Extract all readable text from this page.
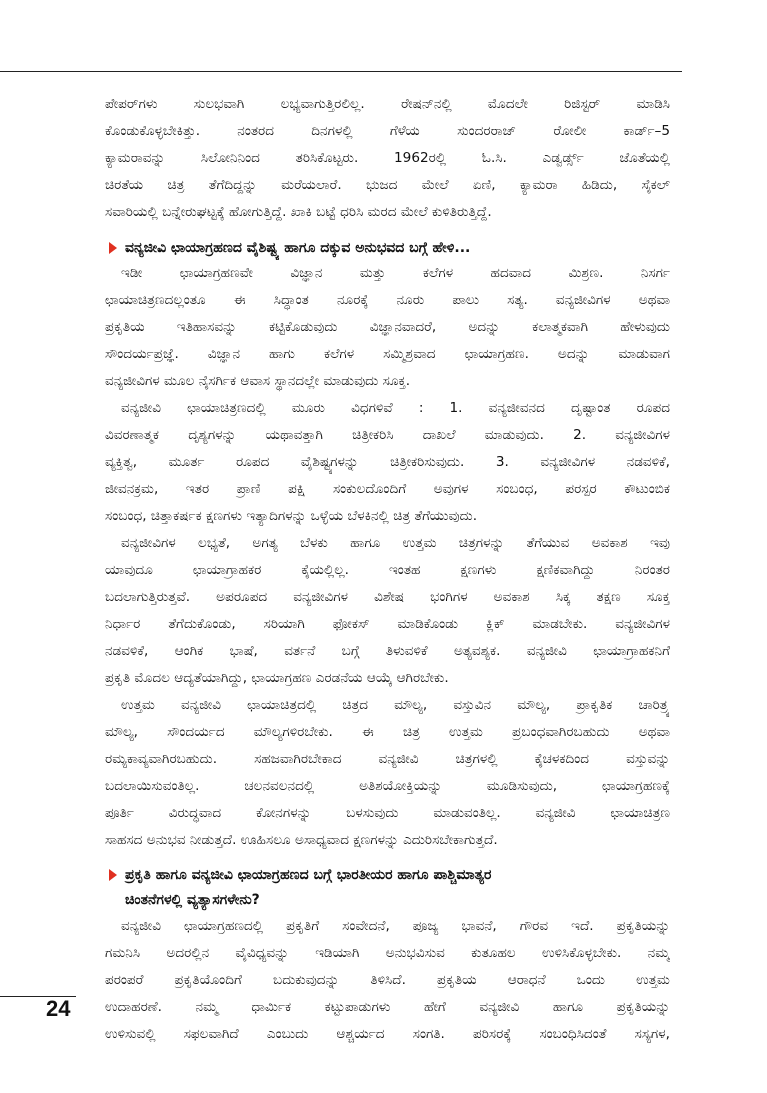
ಪೇಪರ್‌ಗಳು ಸುಲಭವಾಗಿ ಲಭ್ಯವಾಗುತ್ತಿರಲಿಲ್ಲ. ರೇಷನ್‌ನಲ್ಲಿ ಮೊದಲೇ ರಿಜಿಸ್ಟರ್ ಮಾಡಿಸಿ
ಕೊಂಡುಕೊಳ್ಳಬೇಕಿತ್ತು. ನಂತರದ ದಿನಗಳಲ್ಲಿ ಗೆಳೆಯ ಸುಂದರರಾಜ್ ರೋಲೀ ಕಾರ್ಡ್–5
ಕ್ಯಾಮರಾವನ್ನು ಸಿಲೋನಿನಿಂದ ತರಿಸಿಕೊಟ್ಟರು. 1962ರಲ್ಲಿ ಓ.ಸಿ. ಎಡ್ವರ್ಡ್ಸ್ ಜೊತೆಯಲ್ಲಿ
ಚಿರತೆಯ ಚಿತ್ರ ತೆಗೆದಿದ್ದನ್ನು ಮರೆಯಲಾರೆ. ಭುಜದ ಮೇಲೆ ಏಣಿ, ಕ್ಯಾಮರಾ ಹಿಡಿದು, ಸೈಕಲ್
ಸವಾರಿಯಲ್ಲಿ ಬನ್ನೇರುಘಟ್ಟಕ್ಕೆ ಹೋಗುತ್ತಿದ್ದೆ. ಖಾಕಿ ಬಟ್ಟೆ ಧರಿಸಿ ಮರದ ಮೇಲೆ ಕುಳಿತಿರುತ್ತಿದ್ದೆ.
ವನ್ಯಜೀವಿ ಛಾಯಾಗ್ರಹಣದ ವೈಶಿಷ್ಟ್ಯ ಹಾಗೂ ದಕ್ಕುವ ಅನುಭವದ ಬಗ್ಗೆ ಹೇಳಿ...
ಇಡೀ ಛಾಯಾಗ್ರಹಣವೇ ವಿಜ್ಞಾನ ಮತ್ತು ಕಲೆಗಳ ಹದವಾದ ಮಿಶ್ರಣ. ನಿಸರ್ಗ
ಛಾಯಾಚಿತ್ರಣದಲ್ಲಂತೂ ಈ ಸಿದ್ಧಾಂತ ನೂರಕ್ಕೆ ನೂರು ಪಾಲು ಸತ್ಯ. ವನ್ಯಜೀವಿಗಳ ಅಥವಾ
ಪ್ರಕೃತಿಯ ಇತಿಹಾಸವನ್ನು ಕಟ್ಟಿಕೊಡುವುದು ವಿಜ್ಞಾನವಾದರೆ, ಅದನ್ನು ಕಲಾತ್ಮಕವಾಗಿ ಹೇಳುವುದು
ಸೌಂದರ್ಯಪ್ರಜ್ಞೆ. ವಿಜ್ಞಾನ ಹಾಗು ಕಲೆಗಳ ಸಮ್ಮಿಶ್ರವಾದ ಛಾಯಾಗ್ರಹಣ. ಅದನ್ನು ಮಾಡುವಾಗ
ವನ್ಯಜೀವಿಗಳ ಮೂಲ ನೈಸರ್ಗಿಕ ಆವಾಸ ಸ್ಥಾನದಲ್ಲೇ ಮಾಡುವುದು ಸೂಕ್ತ.
ವನ್ಯಜೀವಿ ಛಾಯಾಚಿತ್ರಣದಲ್ಲಿ ಮೂರು ವಿಧಗಳಿವೆ : 1. ವನ್ಯಜೀವನದ ದೃಷ್ಟಾಂತ ರೂಪದ
ವಿವರಣಾತ್ಮಕ ದೃಶ್ಯಗಳನ್ನು ಯಥಾವತ್ತಾಗಿ ಚಿತ್ರೀಕರಿಸಿ ದಾಖಲೆ ಮಾಡುವುದು. 2. ವನ್ಯಜೀವಿಗಳ
ವ್ಯಕ್ತಿತ್ವ, ಮೂರ್ತ ರೂಪದ ವೈಶಿಷ್ಟ್ಯಗಳನ್ನು ಚಿತ್ರೀಕರಿಸುವುದು. 3. ವನ್ಯಜೀವಿಗಳ ನಡವಳಿಕೆ,
ಜೀವನಕ್ರಮ, ಇತರ ಪ್ರಾಣಿ ಪಕ್ಷಿ ಸಂಕುಲದೊಂದಿಗೆ ಅವುಗಳ ಸಂಬಂಧ, ಪರಸ್ಪರ ಕೌಟುಂಬಿಕ
ಸಂಬಂಧ, ಚಿತ್ತಾಕರ್ಷಕ ಕ್ಷಣಗಳು ಇತ್ಯಾದಿಗಳನ್ನು ಒಳ್ಳೆಯ ಬೆಳಕಿನಲ್ಲಿ ಚಿತ್ರ ತೆಗೆಯುವುದು.
ವನ್ಯಜೀವಿಗಳ ಲಭ್ಯತೆ, ಅಗತ್ಯ ಬೆಳಕು ಹಾಗೂ ಉತ್ತಮ ಚಿತ್ರಗಳನ್ನು ತೆಗೆಯುವ ಅವಕಾಶ ಇವು
ಯಾವುದೂ ಛಾಯಾಗ್ರಾಹಕರ ಕೈಯಲ್ಲಿಲ್ಲ. ಇಂತಹ ಕ್ಷಣಗಳು ಕ್ಷಣಿಕವಾಗಿದ್ದು ನಿರಂತರ
ಬದಲಾಗುತ್ತಿರುತ್ತವೆ. ಅಪರೂಪದ ವನ್ಯಜೀವಿಗಳ ವಿಶೇಷ ಭಂಗಿಗಳ ಅವಕಾಶ ಸಿಕ್ಕ ತಕ್ಷಣ ಸೂಕ್ತ
ನಿರ್ಧಾರ ತೆಗೆದುಕೊಂಡು, ಸರಿಯಾಗಿ ಫೋಕಸ್ ಮಾಡಿಕೊಂಡು ಕ್ಲಿಕ್ ಮಾಡಬೇಕು. ವನ್ಯಜೀವಿಗಳ
ನಡವಳಿಕೆ, ಆಂಗಿಕ ಭಾಷೆ, ವರ್ತನೆ ಬಗ್ಗೆ ತಿಳುವಳಿಕೆ ಅತ್ಯವಶ್ಯಕ. ವನ್ಯಜೀವಿ ಛಾಯಾಗ್ರಾಹಕನಿಗೆ
ಪ್ರಕೃತಿ ಮೊದಲ ಆದ್ಯತೆಯಾಗಿದ್ದು, ಛಾಯಾಗ್ರಹಣ ಎರಡನೆಯ ಆಯ್ಕೆ ಆಗಿರಬೇಕು.
ಉತ್ತಮ ವನ್ಯಜೀವಿ ಛಾಯಾಚಿತ್ರದಲ್ಲಿ ಚಿತ್ರದ ಮೌಲ್ಯ, ವಸ್ತುವಿನ ಮೌಲ್ಯ, ಪ್ರಾಕೃತಿಕ ಚಾರಿತ್ರ್ಯ
ಮೌಲ್ಯ, ಸೌಂದರ್ಯದ ಮೌಲ್ಯಗಳಿರಬೇಕು. ಈ ಚಿತ್ರ ಉತ್ತಮ ಪ್ರಬಂಧವಾಗಿರಬಹುದು ಅಥವಾ
ರಮ್ಯಕಾವ್ಯವಾಗಿರಬಹುದು. ಸಹಜವಾಗಿರಬೇಕಾದ ವನ್ಯಜೀವಿ ಚಿತ್ರಗಳಲ್ಲಿ ಕೈಚಳಕದಿಂದ ವಸ್ತುವನ್ನು
ಬದಲಾಯಿಸುವಂತಿಲ್ಲ. ಚಲನವಲನದಲ್ಲಿ ಅತಿಶಯೋಕ್ತಿಯನ್ನು ಮೂಡಿಸುವುದು, ಛಾಯಾಗ್ರಹಣಕ್ಕೆ
ಪೂರ್ತಿ ವಿರುದ್ಧವಾದ ಕೋನಗಳನ್ನು ಬಳಸುವುದು ಮಾಡುವಂತಿಲ್ಲ. ವನ್ಯಜೀವಿ ಛಾಯಾಚಿತ್ರಣ
ಸಾಹಸದ ಅನುಭವ ನೀಡುತ್ತದೆ. ಊಹಿಸಲೂ ಅಸಾಧ್ಯವಾದ ಕ್ಷಣಗಳನ್ನು ಎದುರಿಸಬೇಕಾಗುತ್ತದೆ.
ಪ್ರಕೃತಿ ಹಾಗೂ ವನ್ಯಜೀವಿ ಛಾಯಾಗ್ರಹಣದ ಬಗ್ಗೆ ಭಾರತೀಯರ ಹಾಗೂ ಪಾಶ್ಚಿಮಾತ್ಯರ
ಚಿಂತನೆಗಳಲ್ಲಿ ವ್ಯತ್ಯಾಸಗಳೇನು?
ವನ್ಯಜೀವಿ ಛಾಯಾಗ್ರಹಣದಲ್ಲಿ ಪ್ರಕೃತಿಗೆ ಸಂವೇದನೆ, ಪೂಜ್ಯ ಭಾವನೆ, ಗೌರವ ಇದೆ. ಪ್ರಕೃತಿಯನ್ನು
ಗಮನಿಸಿ ಅದರಲ್ಲಿನ ವೈವಿಧ್ಯವನ್ನು ಇಡಿಯಾಗಿ ಅನುಭವಿಸುವ ಕುತೂಹಲ ಉಳಿಸಿಕೊಳ್ಳಬೇಕು. ನಮ್ಮ
ಪರಂಪರೆ ಪ್ರಕೃತಿಯೊಂದಿಗೆ ಬದುಕುವುದನ್ನು ತಿಳಿಸಿದೆ. ಪ್ರಕೃತಿಯ ಆರಾಧನೆ ಒಂದು ಉತ್ತಮ
ಉದಾಹರಣೆ. ನಮ್ಮ ಧಾರ್ಮಿಕ ಕಟ್ಟುಪಾಡುಗಳು ಹೇಗೆ ವನ್ಯಜೀವಿ ಹಾಗೂ ಪ್ರಕೃತಿಯನ್ನು
ಉಳಿಸುವಲ್ಲಿ ಸಫಲವಾಗಿದೆ ಎಂಬುದು ಆಶ್ಚರ್ಯದ ಸಂಗತಿ. ಪರಿಸರಕ್ಕೆ ಸಂಬಂಧಿಸಿದಂತೆ ಸಸ್ಯಗಳ,
24
